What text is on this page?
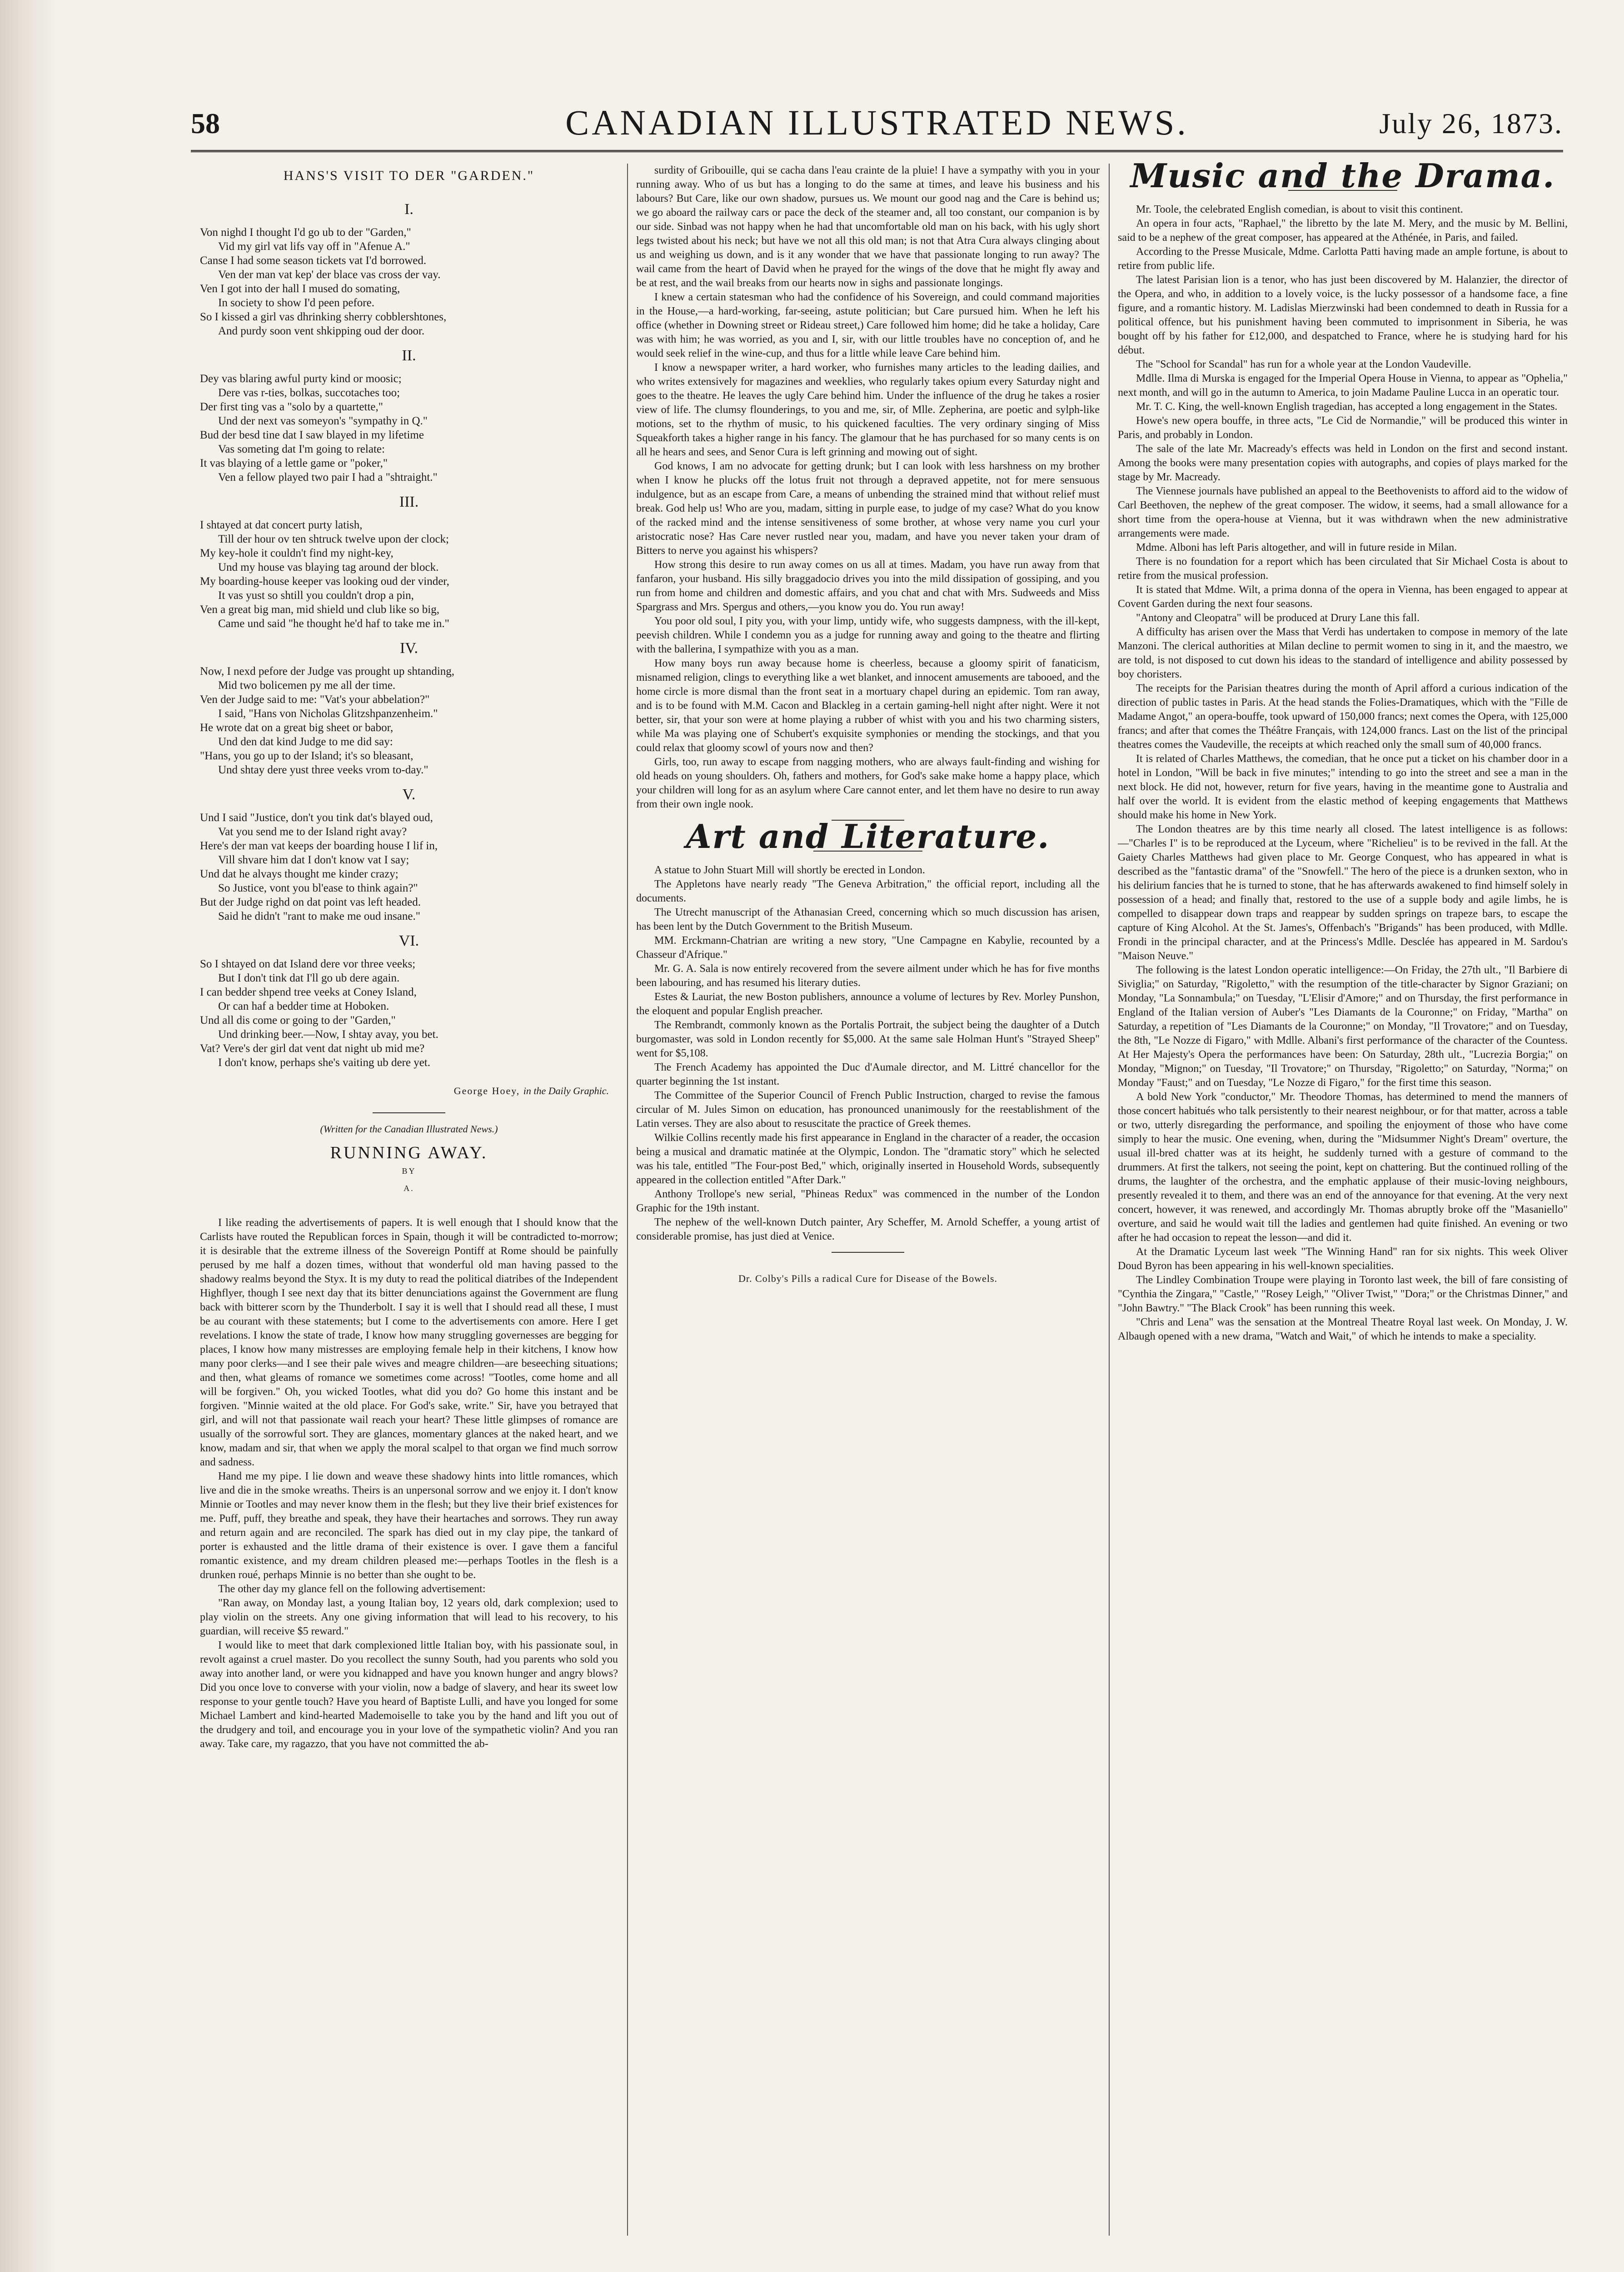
58	CANADIAN ILLUSTRATED NEWS.	July 26, 1873.
HANS'S VISIT TO DER "GARDEN."
I.
Von nighd I thought I'd go ub to der "Garden,"
Vid my girl vat lifs vay off in "Afenue A."
Canse I had some season tickets vat I'd borrowed.
Ven der man vat kep' der blace vas cross der vay.
Ven I got into der hall I mused do somating,
In society to show I'd peen pefore.
So I kissed a girl vas dhrinking sherry cobblershtones,
And purdy soon vent shkipping oud der door.
II.
Dey vas blaring awful purty kind or moosic;
Dere vas r-ties, bolkas, succotaches too;
Der first ting vas a "solo by a quartette,"
Und der next vas someyon's "sympathy in Q."
Bud der besd tine dat I saw blayed in my lifetime
Vas someting dat I'm going to relate:
It vas blaying of a lettle game or "poker,"
Ven a fellow played two pair I had a "shtraight."
III.
I shtayed at dat concert purty latish,
Till der hour ov ten shtruck twelve upon der clock;
My key-hole it couldn't find my night-key,
Und my house vas blaying tag around der block.
My boarding-house keeper vas looking oud der vinder,
It vas yust so shtill you couldn't drop a pin,
Ven a great big man, mid shield und club like so big,
Came und said "he thought he'd haf to take me in."
IV.
Now, I nexd pefore der Judge vas prought up shtanding,
Mid two bolicemen py me all der time.
Ven der Judge said to me: "Vat's your abbelation?"
I said, "Hans von Nicholas Glitzshpanzenheim."
He wrote dat on a great big sheet or babor,
Und den dat kind Judge to me did say:
"Hans, you go up to der Island; it's so bleasant,
Und shtay dere yust three veeks vrom to-day."
V.
Und I said "Justice, don't you tink dat's blayed oud,
Vat you send me to der Island right avay?
Here's der man vat keeps der boarding house I lif in,
Vill shvare him dat I don't know vat I say;
Und dat he alvays thought me kinder crazy;
So Justice, vont you bl'ease to think again?"
But der Judge righd on dat point vas left headed.
Said he didn't "rant to make me oud insane."
VI.
So I shtayed on dat Island dere vor three veeks;
But I don't tink dat I'll go ub dere again.
I can bedder shpend tree veeks at Coney Island,
Or can haf a bedder time at Hoboken.
Und all dis come or going to der "Garden,"
Und drinking beer.—Now, I shtay avay, you bet.
Vat? Vere's der girl dat vent dat night ub mid me?
I don't know, perhaps she's vaiting ub dere yet.
George Hoey, in the Daily Graphic.
(Written for the Canadian Illustrated News.)
RUNNING AWAY.
BY
A.

I like reading the advertisements of papers. It is well enough that I should know that the Carlists have routed the Republican forces in Spain, though it will be contradicted to-morrow; it is desirable that the extreme illness of the Sovereign Pontiff at Rome should be painfully perused by me half a dozen times, without that wonderful old man having passed to the shadowy realms beyond the Styx. It is my duty to read the political diatribes of the Independent Highflyer, though I see next day that its bitter denunciations against the Government are flung back with bitterer scorn by the Thunderbolt. I say it is well that I should read all these, I must be au courant with these statements; but I come to the advertisements con amore. Here I get revelations. I know the state of trade, I know how many struggling governesses are begging for places, I know how many mistresses are employing female help in their kitchens, I know how many poor clerks—and I see their pale wives and meagre children—are beseeching situations; and then, what gleams of romance we sometimes come across! "Tootles, come home and all will be forgiven." Oh, you wicked Tootles, what did you do? Go home this instant and be forgiven. "Minnie waited at the old place. For God's sake, write." Sir, have you betrayed that girl, and will not that passionate wail reach your heart? These little glimpses of romance are usually of the sorrowful sort. They are glances, momentary glances at the naked heart, and we know, madam and sir, that when we apply the moral scalpel to that organ we find much sorrow and sadness.

Hand me my pipe. I lie down and weave these shadowy hints into little romances, which live and die in the smoke wreaths. Theirs is an unpersonal sorrow and we enjoy it. I don't know Minnie or Tootles and may never know them in the flesh; but they live their brief existences for me. Puff, puff, they breathe and speak, they have their heartaches and sorrows. They run away and return again and are reconciled. The spark has died out in my clay pipe, the tankard of porter is exhausted and the little drama of their existence is over. I gave them a fanciful romantic existence, and my dream children pleased me:—perhaps Tootles in the flesh is a drunken roué, perhaps Minnie is no better than she ought to be.

The other day my glance fell on the following advertisement:

"Ran away, on Monday last, a young Italian boy, 12 years old, dark complexion; used to play violin on the streets. Any one giving information that will lead to his recovery, to his guardian, will receive $5 reward."

I would like to meet that dark complexioned little Italian boy, with his passionate soul, in revolt against a cruel master. Do you recollect the sunny South, had you parents who sold you away into another land, or were you kidnapped and have you known hunger and angry blows? Did you once love to converse with your violin, now a badge of slavery, and hear its sweet low response to your gentle touch? Have you heard of Baptiste Lulli, and have you longed for some Michael Lambert and kind-hearted Mademoiselle to take you by the hand and lift you out of the drudgery and toil, and encourage you in your love of the sympathetic violin? And you ran away. Take care, my ragazzo, that you have not committed the ab-

surdity of Gribouille, qui se cacha dans l'eau crainte de la pluie! I have a sympathy with you in your running away. Who of us but has a longing to do the same at times, and leave his business and his labours? But Care, like our own shadow, pursues us. We mount our good nag and the Care is behind us; we go aboard the railway cars or pace the deck of the steamer and, all too constant, our companion is by our side. Sinbad was not happy when he had that uncomfortable old man on his back, with his ugly short legs twisted about his neck; but have we not all this old man; is not that Atra Cura always clinging about us and weighing us down, and is it any wonder that we have that passionate longing to run away? The wail came from the heart of David when he prayed for the wings of the dove that he might fly away and be at rest, and the wail breaks from our hearts now in sighs and passionate longings.

I knew a certain statesman who had the confidence of his Sovereign, and could command majorities in the House,—a hard-working, far-seeing, astute politician; but Care pursued him. When he left his office (whether in Downing street or Rideau street,) Care followed him home; did he take a holiday, Care was with him; he was worried, as you and I, sir, with our little troubles have no conception of, and he would seek relief in the wine-cup, and thus for a little while leave Care behind him.

I know a newspaper writer, a hard worker, who furnishes many articles to the leading dailies, and who writes extensively for magazines and weeklies, who regularly takes opium every Saturday night and goes to the theatre. He leaves the ugly Care behind him. Under the influence of the drug he takes a rosier view of life. The clumsy flounderings, to you and me, sir, of Mlle. Zepherina, are poetic and sylph-like motions, set to the rhythm of music, to his quickened faculties. The very ordinary singing of Miss Squeakforth takes a higher range in his fancy. The glamour that he has purchased for so many cents is on all he hears and sees, and Senor Cura is left grinning and mowing out of sight.

God knows, I am no advocate for getting drunk; but I can look with less harshness on my brother when I know he plucks off the lotus fruit not through a depraved appetite, not for mere sensuous indulgence, but as an escape from Care, a means of unbending the strained mind that without relief must break. God help us! Who are you, madam, sitting in purple ease, to judge of my case? What do you know of the racked mind and the intense sensitiveness of some brother, at whose very name you curl your aristocratic nose? Has Care never rustled near you, madam, and have you never taken your dram of Bitters to nerve you against his whispers?

How strong this desire to run away comes on us all at times. Madam, you have run away from that fanfaron, your husband. His silly braggadocio drives you into the mild dissipation of gossiping, and you run from home and children and domestic affairs, and you chat and chat with Mrs. Sudweeds and Miss Spargrass and Mrs. Spergus and others,—you know you do. You run away!

You poor old soul, I pity you, with your limp, untidy wife, who suggests dampness, with the ill-kept, peevish children. While I condemn you as a judge for running away and going to the theatre and flirting with the ballerina, I sympathize with you as a man.

How many boys run away because home is cheerless, because a gloomy spirit of fanaticism, misnamed religion, clings to everything like a wet blanket, and innocent amusements are tabooed, and the home circle is more dismal than the front seat in a mortuary chapel during an epidemic. Tom ran away, and is to be found with M.M. Cacon and Blackleg in a certain gaming-hell night after night. Were it not better, sir, that your son were at home playing a rubber of whist with you and his two charming sisters, while Ma was playing one of Schubert's exquisite symphonies or mending the stockings, and that you could relax that gloomy scowl of yours now and then?

Girls, too, run away to escape from nagging mothers, who are always fault-finding and wishing for old heads on young shoulders. Oh, fathers and mothers, for God's sake make home a happy place, which your children will long for as an asylum where Care cannot enter, and let them have no desire to run away from their own ingle nook.

Art and Literature.

A statue to John Stuart Mill will shortly be erected in London.

The Appletons have nearly ready "The Geneva Arbitration," the official report, including all the documents.

The Utrecht manuscript of the Athanasian Creed, concerning which so much discussion has arisen, has been lent by the Dutch Government to the British Museum.

MM. Erckmann-Chatrian are writing a new story, "Une Campagne en Kabylie, recounted by a Chasseur d'Afrique."

Mr. G. A. Sala is now entirely recovered from the severe ailment under which he has for five months been labouring, and has resumed his literary duties.

Estes & Lauriat, the new Boston publishers, announce a volume of lectures by Rev. Morley Punshon, the eloquent and popular English preacher.

The Rembrandt, commonly known as the Portalis Portrait, the subject being the daughter of a Dutch burgomaster, was sold in London recently for $5,000. At the same sale Holman Hunt's "Strayed Sheep" went for $5,108.

The French Academy has appointed the Duc d'Aumale director, and M. Littré chancellor for the quarter beginning the 1st instant.

The Committee of the Superior Council of French Public Instruction, charged to revise the famous circular of M. Jules Simon on education, has pronounced unanimously for the reestablishment of the Latin verses. They are also about to resuscitate the practice of Greek themes.

Wilkie Collins recently made his first appearance in England in the character of a reader, the occasion being a musical and dramatic matinée at the Olympic, London. The "dramatic story" which he selected was his tale, entitled "The Four-post Bed," which, originally inserted in Household Words, subsequently appeared in the collection entitled "After Dark."

Anthony Trollope's new serial, "Phineas Redux" was commenced in the number of the London Graphic for the 19th instant.

The nephew of the well-known Dutch painter, Ary Scheffer, M. Arnold Scheffer, a young artist of considerable promise, has just died at Venice.

Dr. Colby's Pills a radical Cure for Disease of the Bowels.
Music and the Drama.

Mr. Toole, the celebrated English comedian, is about to visit this continent.

An opera in four acts, "Raphael," the libretto by the late M. Mery, and the music by M. Bellini, said to be a nephew of the great composer, has appeared at the Athénée, in Paris, and failed.

According to the Presse Musicale, Mdme. Carlotta Patti having made an ample fortune, is about to retire from public life.

The latest Parisian lion is a tenor, who has just been discovered by M. Halanzier, the director of the Opera, and who, in addition to a lovely voice, is the lucky possessor of a handsome face, a fine figure, and a romantic history. M. Ladislas Mierzwinski had been condemned to death in Russia for a political offence, but his punishment having been commuted to imprisonment in Siberia, he was bought off by his father for £12,000, and despatched to France, where he is studying hard for his début.

The "School for Scandal" has run for a whole year at the London Vaudeville.

Mdlle. Ilma di Murska is engaged for the Imperial Opera House in Vienna, to appear as "Ophelia," next month, and will go in the autumn to America, to join Madame Pauline Lucca in an operatic tour.

Mr. T. C. King, the well-known English tragedian, has accepted a long engagement in the States.

Howe's new opera bouffe, in three acts, "Le Cid de Normandie," will be produced this winter in Paris, and probably in London.

The sale of the late Mr. Macready's effects was held in London on the first and second instant. Among the books were many presentation copies with autographs, and copies of plays marked for the stage by Mr. Macready.

The Viennese journals have published an appeal to the Beethovenists to afford aid to the widow of Carl Beethoven, the nephew of the great composer. The widow, it seems, had a small allowance for a short time from the opera-house at Vienna, but it was withdrawn when the new administrative arrangements were made.

Mdme. Alboni has left Paris altogether, and will in future reside in Milan.

There is no foundation for a report which has been circulated that Sir Michael Costa is about to retire from the musical profession.

It is stated that Mdme. Wilt, a prima donna of the opera in Vienna, has been engaged to appear at Covent Garden during the next four seasons.

"Antony and Cleopatra" will be produced at Drury Lane this fall.

A difficulty has arisen over the Mass that Verdi has undertaken to compose in memory of the late Manzoni. The clerical authorities at Milan decline to permit women to sing in it, and the maestro, we are told, is not disposed to cut down his ideas to the standard of intelligence and ability possessed by boy choristers.

The receipts for the Parisian theatres during the month of April afford a curious indication of the direction of public tastes in Paris. At the head stands the Folies-Dramatiques, which with the "Fille de Madame Angot," an opera-bouffe, took upward of 150,000 francs; next comes the Opera, with 125,000 francs; and after that comes the Théâtre Français, with 124,000 francs. Last on the list of the principal theatres comes the Vaudeville, the receipts at which reached only the small sum of 40,000 francs.

It is related of Charles Matthews, the comedian, that he once put a ticket on his chamber door in a hotel in London, "Will be back in five minutes;" intending to go into the street and see a man in the next block. He did not, however, return for five years, having in the meantime gone to Australia and half over the world. It is evident from the elastic method of keeping engagements that Matthews should make his home in New York.

The London theatres are by this time nearly all closed. The latest intelligence is as follows:—"Charles I" is to be reproduced at the Lyceum, where "Richelieu" is to be revived in the fall. At the Gaiety Charles Matthews had given place to Mr. George Conquest, who has appeared in what is described as the "fantastic drama" of the "Snowfell." The hero of the piece is a drunken sexton, who in his delirium fancies that he is turned to stone, that he has afterwards awakened to find himself solely in possession of a head; and finally that, restored to the use of a supple body and agile limbs, he is compelled to disappear down traps and reappear by sudden springs on trapeze bars, to escape the capture of King Alcohol. At the St. James's, Offenbach's "Brigands" has been produced, with Mdlle. Frondi in the principal character, and at the Princess's Mdlle. Desclée has appeared in M. Sardou's "Maison Neuve."

The following is the latest London operatic intelligence:—On Friday, the 27th ult., "Il Barbiere di Siviglia;" on Saturday, "Rigoletto," with the resumption of the title-character by Signor Graziani; on Monday, "La Sonnambula;" on Tuesday, "L'Elisir d'Amore;" and on Thursday, the first performance in England of the Italian version of Auber's "Les Diamants de la Couronne;" on Friday, "Martha" on Saturday, a repetition of "Les Diamants de la Couronne;" on Monday, "Il Trovatore;" and on Tuesday, the 8th, "Le Nozze di Figaro," with Mdlle. Albani's first performance of the character of the Countess. At Her Majesty's Opera the performances have been: On Saturday, 28th ult., "Lucrezia Borgia;" on Monday, "Mignon;" on Tuesday, "Il Trovatore;" on Thursday, "Rigoletto;" on Saturday, "Norma;" on Monday "Faust;" and on Tuesday, "Le Nozze di Figaro," for the first time this season.

A bold New York "conductor," Mr. Theodore Thomas, has determined to mend the manners of those concert habitués who talk persistently to their nearest neighbour, or for that matter, across a table or two, utterly disregarding the performance, and spoiling the enjoyment of those who have come simply to hear the music. One evening, when, during the "Midsummer Night's Dream" overture, the usual ill-bred chatter was at its height, he suddenly turned with a gesture of command to the drummers. At first the talkers, not seeing the point, kept on chattering. But the continued rolling of the drums, the laughter of the orchestra, and the emphatic applause of their music-loving neighbours, presently revealed it to them, and there was an end of the annoyance for that evening. At the very next concert, however, it was renewed, and accordingly Mr. Thomas abruptly broke off the "Masaniello" overture, and said he would wait till the ladies and gentlemen had quite finished. An evening or two after he had occasion to repeat the lesson—and did it.

At the Dramatic Lyceum last week "The Winning Hand" ran for six nights. This week Oliver Doud Byron has been appearing in his well-known specialities.

The Lindley Combination Troupe were playing in Toronto last week, the bill of fare consisting of "Cynthia the Zingara," "Castle," "Rosey Leigh," "Oliver Twist," "Dora;" or the Christmas Dinner," and "John Bawtry." "The Black Crook" has been running this week.

"Chris and Lena" was the sensation at the Montreal Theatre Royal last week. On Monday, J. W. Albaugh opened with a new drama, "Watch and Wait," of which he intends to make a speciality.
